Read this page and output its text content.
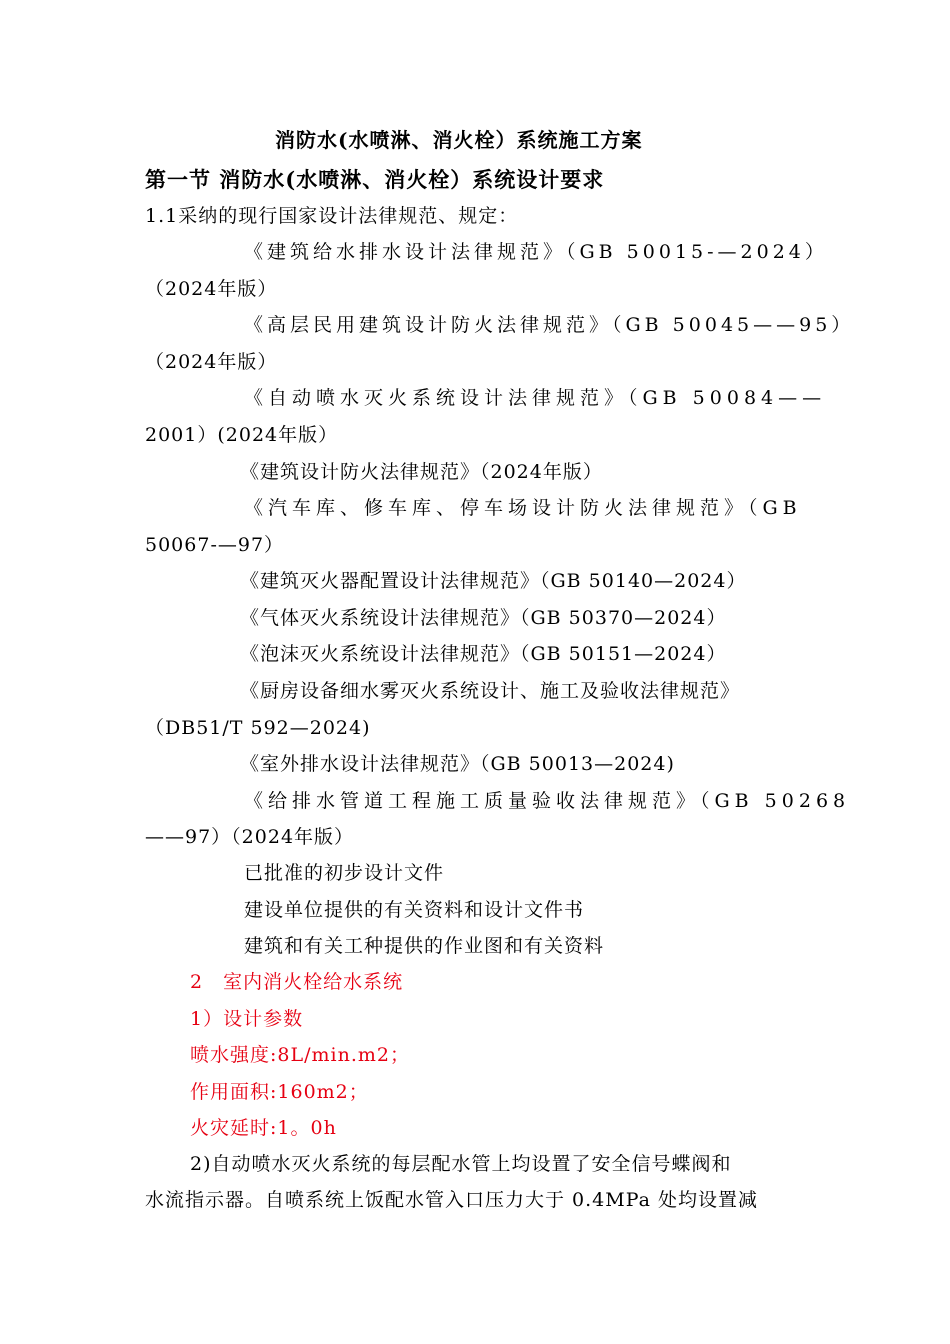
消防水(水喷淋、消火栓）系统施工方案
第一节 消防水(水喷淋、消火栓）系统设计要求
1.1采纳的现行国家设计法律规范、规定：
《建筑给水排水设计法律规范》（GB 50015-—2024）
（2024年版）
《高层民用建筑设计防火法律规范》（GB 50045——95）
（2024年版）
《自动喷水灭火系统设计法律规范》（GB 50084——
2001）(2024年版）
《建筑设计防火法律规范》（2024年版）
《汽车库、修车库、停车场设计防火法律规范》（GB
50067-—97）
《建筑灭火器配置设计法律规范》（GB 50140—2024）
《气体灭火系统设计法律规范》（GB 50370—2024）
《泡沫灭火系统设计法律规范》（GB 50151—2024）
《厨房设备细水雾灭火系统设计、施工及验收法律规范》
（DB51/T 592—2024)
《室外排水设计法律规范》（GB 50013—2024)
《给排水管道工程施工质量验收法律规范》（GB 50268
——97）（2024年版）
已批准的初步设计文件
建设单位提供的有关资料和设计文件书
建筑和有关工种提供的作业图和有关资料
2　室内消火栓给水系统
1）设计参数
喷水强度:8L/min.m2；
作用面积:160m2；
火灾延时:1。0h
2)自动喷水灭火系统的每层配水管上均设置了安全信号蝶阀和
水流指示器。自喷系统上饭配水管入口压力大于 0.4MPa 处均设置减
